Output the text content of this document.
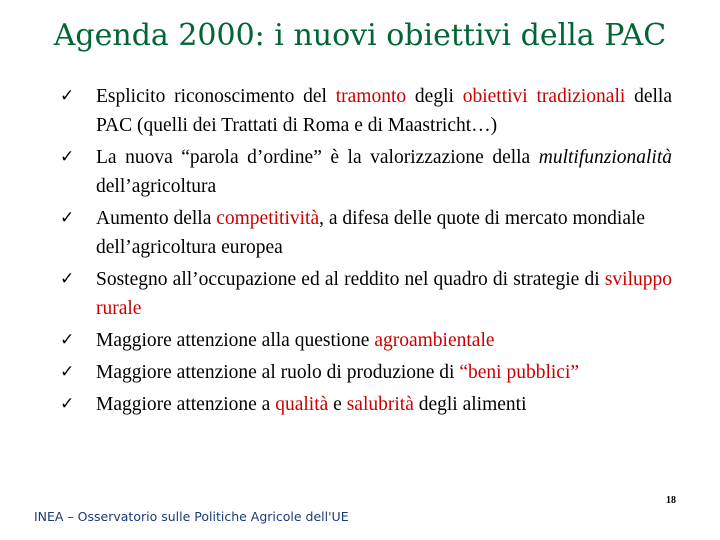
Agenda 2000: i nuovi obiettivi della PAC
✓ Esplicito riconoscimento del tramonto degli obiettivi tradizionali della PAC (quelli dei Trattati di Roma e di Maastricht…)
✓ La nuova “parola d’ordine” è la valorizzazione della multifunzionalità dell’agricoltura
✓ Aumento della competitività, a difesa delle quote di mercato mondiale dell’agricoltura europea
✓ Sostegno all’occupazione ed al reddito nel quadro di strategie di sviluppo rurale
✓ Maggiore attenzione alla questione agroambientale
✓ Maggiore attenzione al ruolo di produzione di “beni pubblici”
✓ Maggiore attenzione a qualità e salubrità degli alimenti
18
INEA – Osservatorio sulle Politiche Agricole dell'UE
